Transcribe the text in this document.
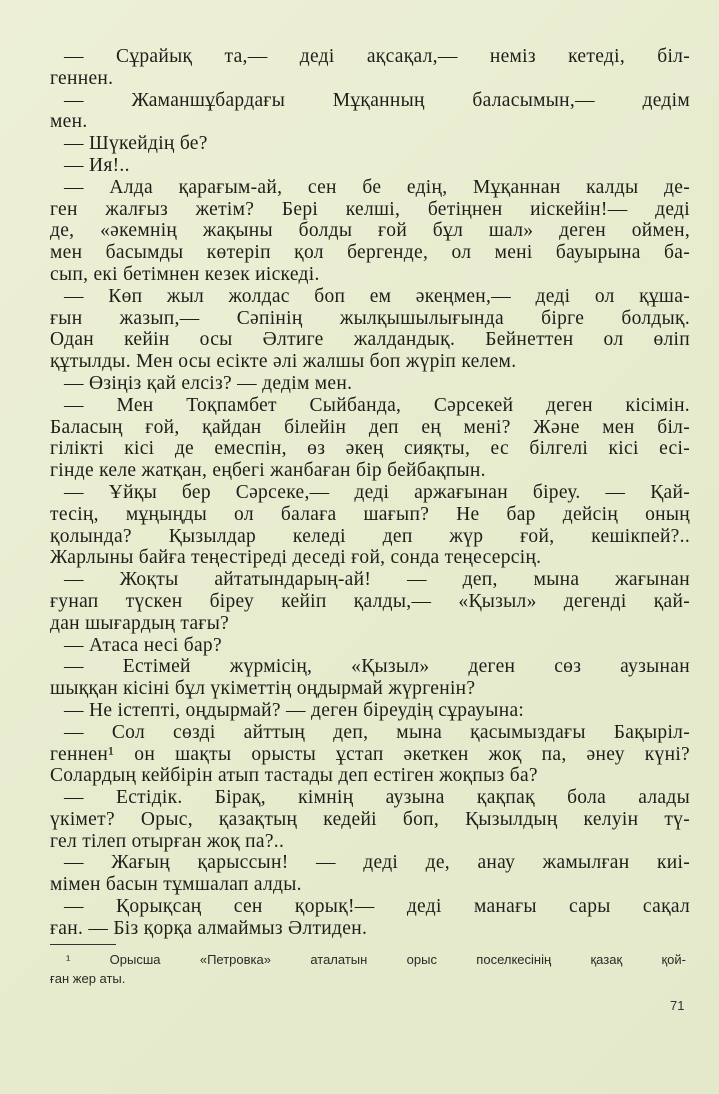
— Сұрайық та,— деді ақсақал,— неміз кетеді, біл-
геннен.
— Жаманшұбардағы Мұқанның баласымын,— дедім
мен.
— Шүкейдің бе?
— Ия!..
— Алда қарағым-ай, сен бе едің, Мұқаннан калды де-
ген жалғыз жетім? Бері келші, бетіңнен иіскейін!— деді
де, «әкемнің жақыны болды ғой бұл шал» деген оймен,
мен басымды көтеріп қол бергенде, ол мені бауырына ба-
сып, екі бетімнен кезек иіскеді.
— Көп жыл жолдас боп ем әкеңмен,— деді ол құша-
ғын жазып,— Сәпінің жылқышылығында бірге болдық.
Одан кейін осы Әлтиге жалдандық. Бейнеттен ол өліп
құтылды. Мен осы есікте әлі жалшы боп жүріп келем.
— Өзіңіз қай елсіз? — дедім мен.
— Мен Тоқпамбет Сыйбанда, Сәрсекей деген кісімін.
Баласың ғой, қайдан білейін деп ең мені? Және мен біл-
гілікті кісі де емеспін, өз әкең сияқты, ес білгелі кісі есі-
гінде келе жатқан, еңбегі жанбаған бір бейбақпын.
— Ұйқы бер Сәрсеке,— деді аржағынан біреу. — Қай-
тесің, мұңыңды ол балаға шағып? Не бар дейсің оның
қолында? Қызылдар келеді деп жүр ғой, кешікпей?..
Жарлыны байға теңестіреді деседі ғой, сонда теңесерсің.
— Жоқты айтатындарың-ай! — деп, мына жағынан
ғунап түскен біреу кейіп қалды,— «Қызыл» дегенді қай-
дан шығардың тағы?
— Атаса несі бар?
— Естімей жүрмісің, «Қызыл» деген сөз аузынан
шыққан кісіні бұл үкіметтің оңдырмай жүргенін?
— Не істепті, оңдырмай? — деген біреудің сұрауына:
— Сол сөзді айттың деп, мына қасымыздағы Бақыріл-
геннен¹ он шақты орысты ұстап әкеткен жоқ па, әнеу күні?
Солардың кейбірін атып тастады деп естіген жоқпыз ба?
— Естідік. Бірақ, кімнің аузына қақпақ бола алады
үкімет? Орыс, қазақтың кедейі боп, Қызылдың келуін тү-
гел тілеп отырған жоқ па?..
— Жағың қарыссын! — деді де, анау жамылған киі-
мімен басын тұмшалап алды.
— Қорықсаң сен қорық!— деді манағы сары сақал
ған. — Біз қорқа алмаймыз Әлтиден.
¹ Орысша «Петровка» аталатын орыс поселкесінің қазақ қой-
ған жер аты.
71
